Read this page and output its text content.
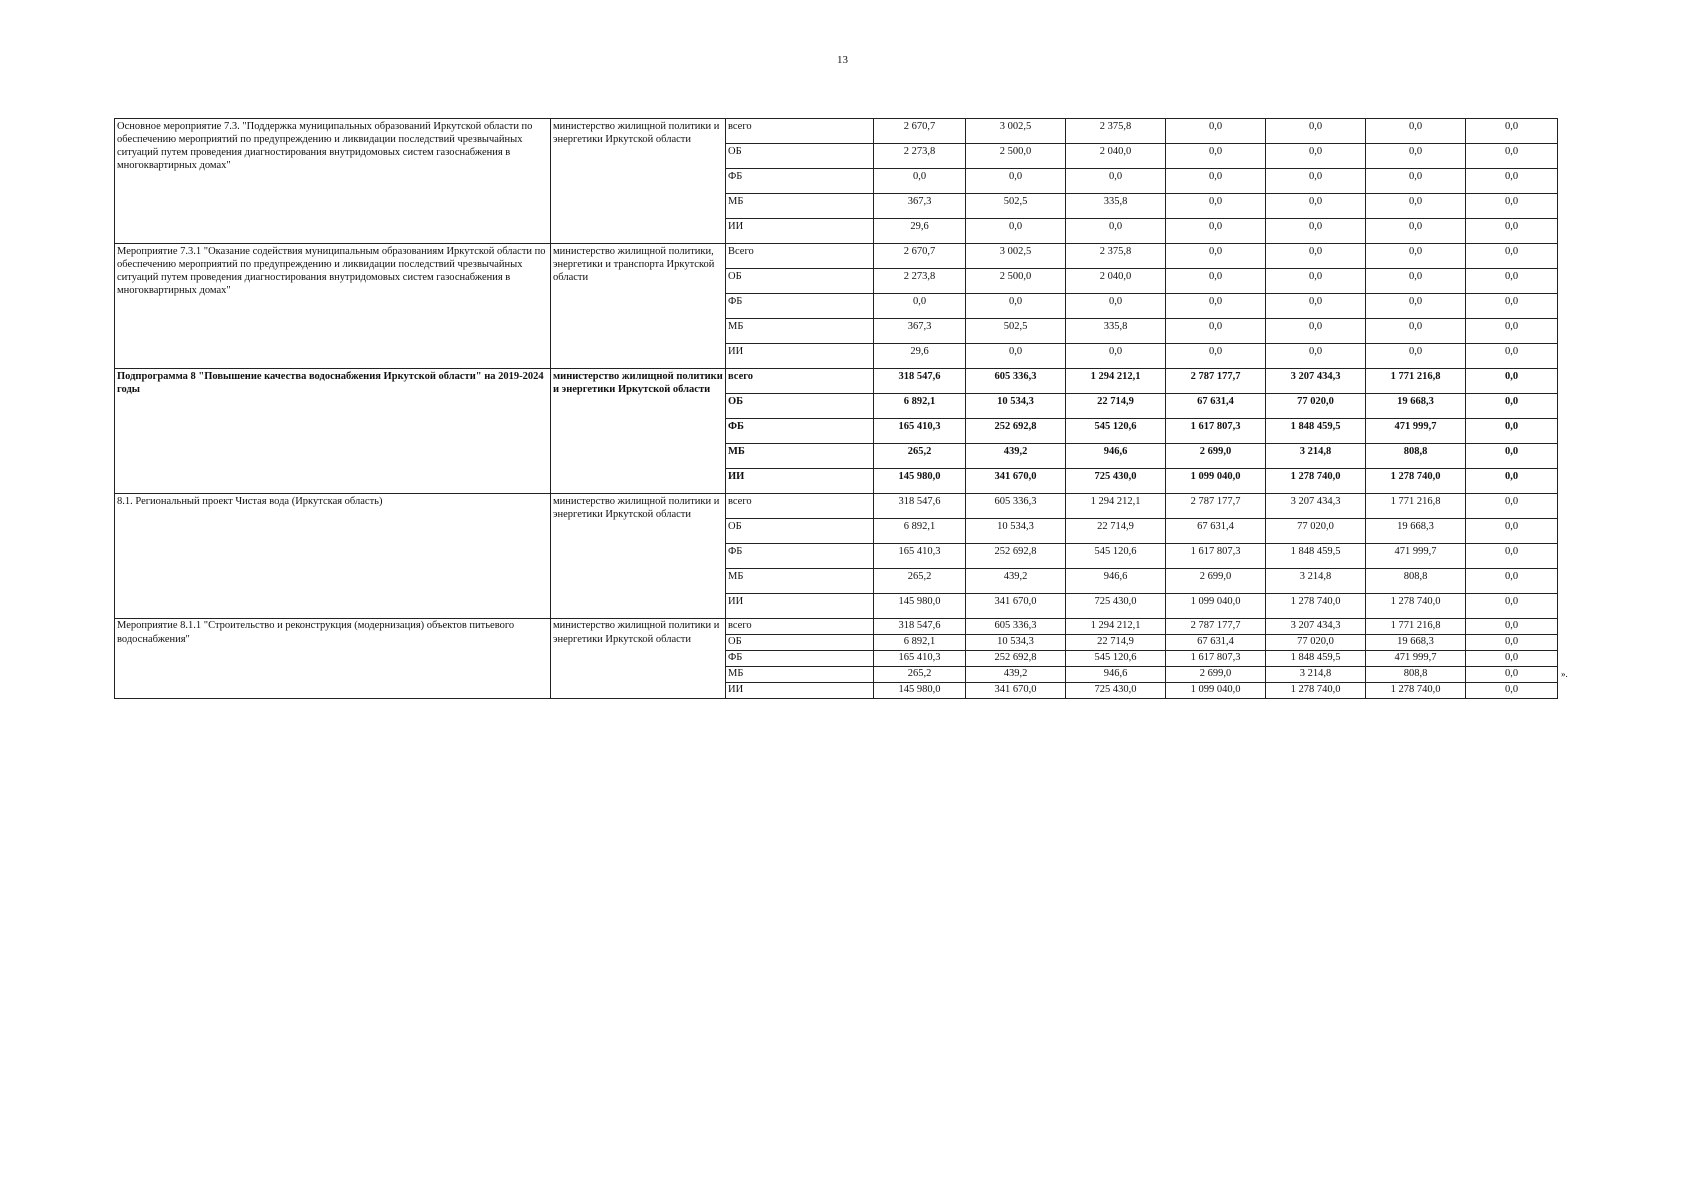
13
Основное мероприятие 7.3. "Поддержка муниципальных образований Иркутской области по обеспечению мероприятий по предупреждению и ликвидации последствий чрезвычайных ситуаций путем проведения диагностирования внутридомовых систем газоснабжения в многоквартирных домах"	министерство жилищной политики и энергетики Иркутской области	всего	2 670,7	3 002,5	2 375,8	0,0	0,0	0,0	0,0
		ОБ	2 273,8	2 500,0	2 040,0	0,0	0,0	0,0	0,0
		ФБ	0,0	0,0	0,0	0,0	0,0	0,0	0,0
		МБ	367,3	502,5	335,8	0,0	0,0	0,0	0,0
		ИИ	29,6	0,0	0,0	0,0	0,0	0,0	0,0
Мероприятие 7.3.1 "Оказание содействия муниципальным образованиям Иркутской области по обеспечению мероприятий по предупреждению и ликвидации последствий чрезвычайных ситуаций путем проведения диагностирования внутридомовых систем газоснабжения в многоквартирных домах"	министерство жилищной политики, энергетики и транспорта Иркутской области	Всего	2 670,7	3 002,5	2 375,8	0,0	0,0	0,0	0,0
		ОБ	2 273,8	2 500,0	2 040,0	0,0	0,0	0,0	0,0
		ФБ	0,0	0,0	0,0	0,0	0,0	0,0	0,0
		МБ	367,3	502,5	335,8	0,0	0,0	0,0	0,0
		ИИ	29,6	0,0	0,0	0,0	0,0	0,0	0,0
Подпрограмма 8 "Повышение качества водоснабжения Иркутской области" на 2019-2024 годы	министерство жилищной политики и энергетики Иркутской области	всего	318 547,6	605 336,3	1 294 212,1	2 787 177,7	3 207 434,3	1 771 216,8	0,0
		ОБ	6 892,1	10 534,3	22 714,9	67 631,4	77 020,0	19 668,3	0,0
		ФБ	165 410,3	252 692,8	545 120,6	1 617 807,3	1 848 459,5	471 999,7	0,0
		МБ	265,2	439,2	946,6	2 699,0	3 214,8	808,8	0,0
		ИИ	145 980,0	341 670,0	725 430,0	1 099 040,0	1 278 740,0	1 278 740,0	0,0
8.1. Региональный проект Чистая вода (Иркутская область)	министерство жилищной политики и энергетики Иркутской области	всего	318 547,6	605 336,3	1 294 212,1	2 787 177,7	3 207 434,3	1 771 216,8	0,0
		ОБ	6 892,1	10 534,3	22 714,9	67 631,4	77 020,0	19 668,3	0,0
		ФБ	165 410,3	252 692,8	545 120,6	1 617 807,3	1 848 459,5	471 999,7	0,0
		МБ	265,2	439,2	946,6	2 699,0	3 214,8	808,8	0,0
		ИИ	145 980,0	341 670,0	725 430,0	1 099 040,0	1 278 740,0	1 278 740,0	0,0
Мероприятие 8.1.1 "Строительство и реконструкция (модернизация) объектов питьевого водоснабжения"	министерство жилищной политики и энергетики Иркутской области	всего	318 547,6	605 336,3	1 294 212,1	2 787 177,7	3 207 434,3	1 771 216,8	0,0
		ОБ	6 892,1	10 534,3	22 714,9	67 631,4	77 020,0	19 668,3	0,0
		ФБ	165 410,3	252 692,8	545 120,6	1 617 807,3	1 848 459,5	471 999,7	0,0
		МБ	265,2	439,2	946,6	2 699,0	3 214,8	808,8	0,0
		ИИ	145 980,0	341 670,0	725 430,0	1 099 040,0	1 278 740,0	1 278 740,0	0,0
».
